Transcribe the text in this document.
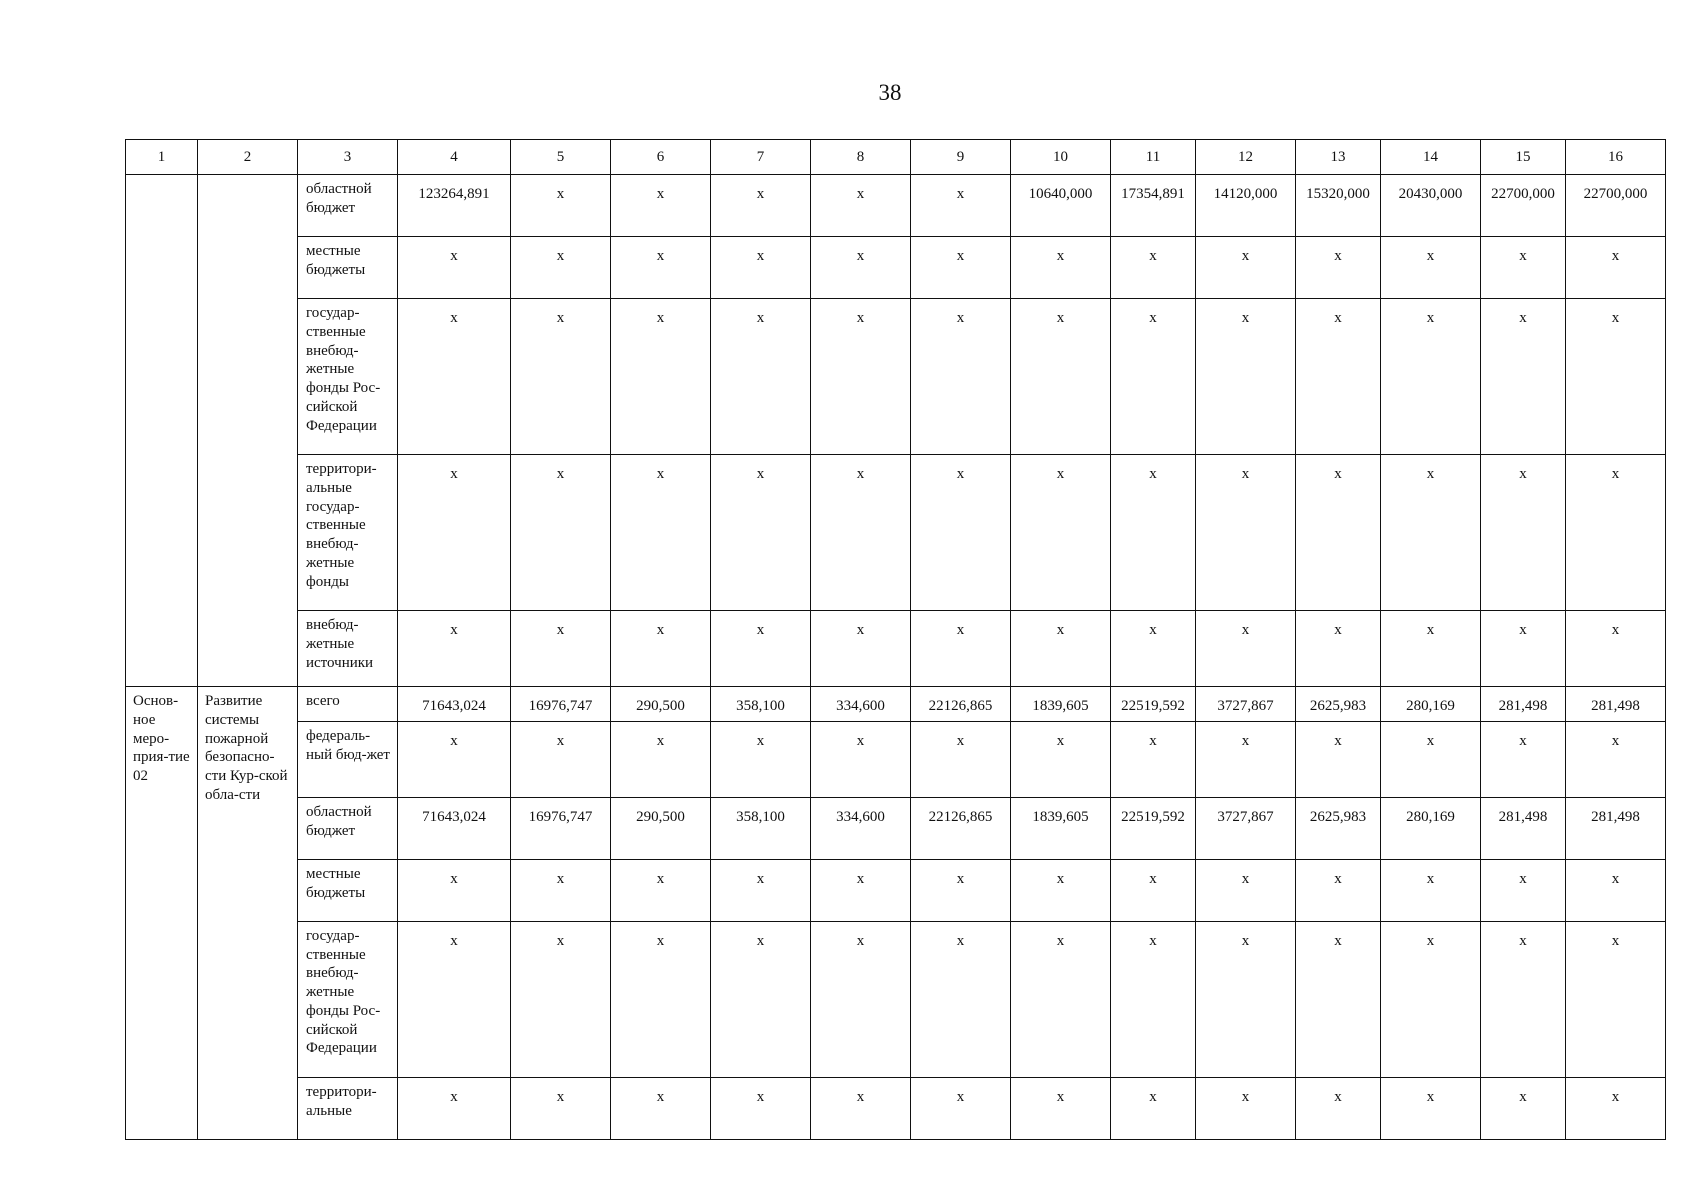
38
1	2	3	4	5	6	7	8	9	10	11	12	13	14	15	16
		областной бюджет	123264,891	x	x	x	x	x	10640,000	17354,891	14120,000	15320,000	20430,000	22700,000	22700,000
		местные бюджеты	x	x	x	x	x	x	x	x	x	x	x	x	x
		государ-ственные внебюд-жетные фонды Рос-сийской Федерации	x	x	x	x	x	x	x	x	x	x	x	x	x
		территори-альные государ-ственные внебюд-жетные фонды	x	x	x	x	x	x	x	x	x	x	x	x	x
		внебюд-жетные источники	x	x	x	x	x	x	x	x	x	x	x	x	x
Основ-ное меро-прия-тие 02	Развитие системы пожарной безопасно-сти Кур-ской обла-сти	всего	71643,024	16976,747	290,500	358,100	334,600	22126,865	1839,605	22519,592	3727,867	2625,983	280,169	281,498	281,498
		федераль-ный бюд-жет	x	x	x	x	x	x	x	x	x	x	x	x	x
		областной бюджет	71643,024	16976,747	290,500	358,100	334,600	22126,865	1839,605	22519,592	3727,867	2625,983	280,169	281,498	281,498
		местные бюджеты	x	x	x	x	x	x	x	x	x	x	x	x	x
		государ-ственные внебюд-жетные фонды Рос-сийской Федерации	x	x	x	x	x	x	x	x	x	x	x	x	x
		территори-альные	x	x	x	x	x	x	x	x	x	x	x	x	x
